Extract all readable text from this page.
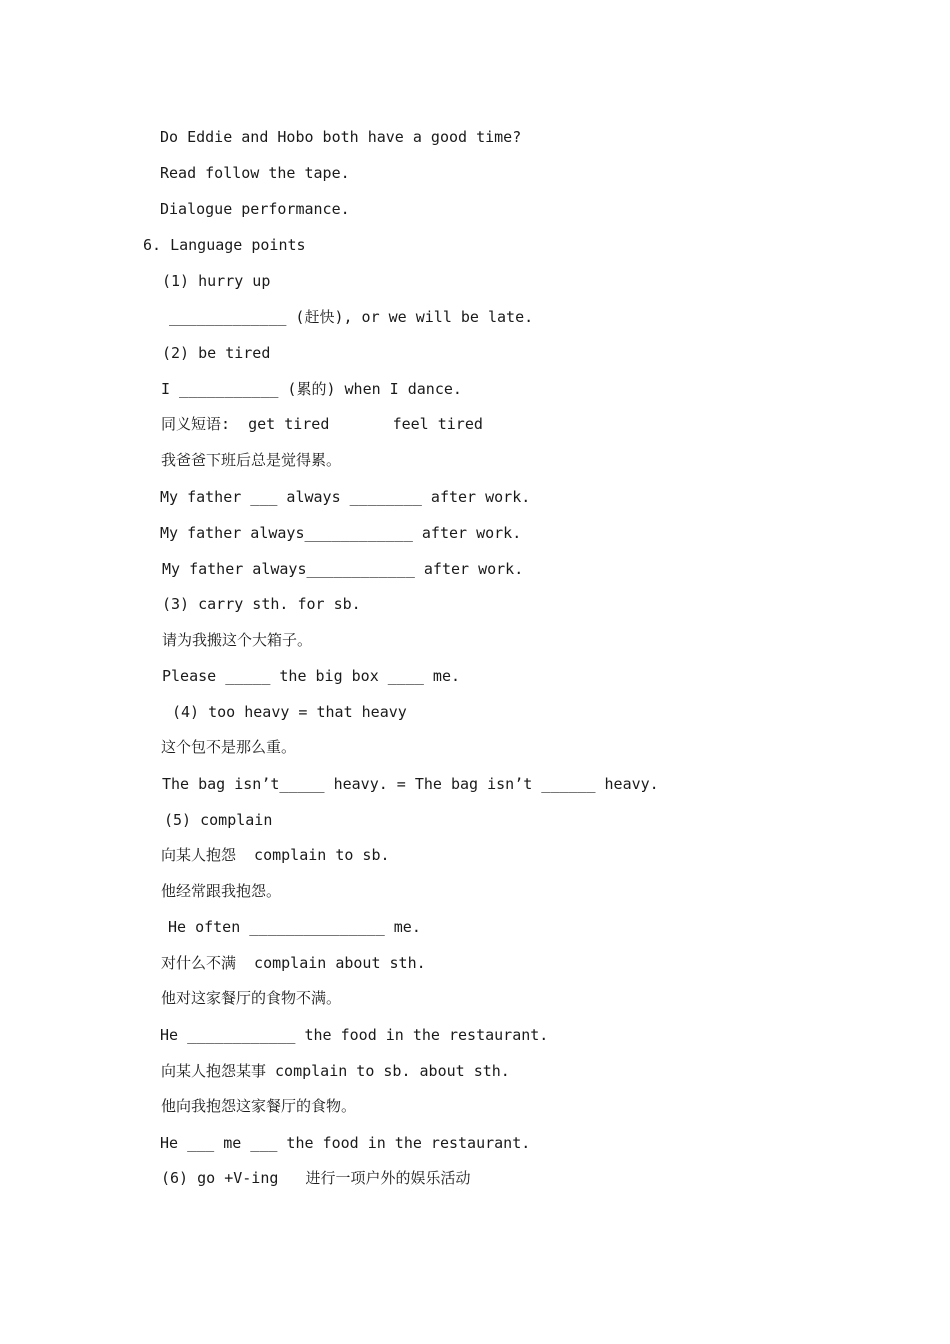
Do Eddie and Hobo both have a good time?
Read follow the tape.
Dialogue performance.
6. Language points
(1) hurry up
_____________ (赶快), or we will be late.
(2) be tired
I ___________ (累的) when I dance.
同义短语:  get tired       feel tired
我爸爸下班后总是觉得累。
My father ___ always ________ after work.
My father always____________ after work.
My father always____________ after work.
(3) carry sth. for sb.
请为我搬这个大箱子。
Please _____ the big box ____ me.
(4) too heavy = that heavy
这个包不是那么重。
The bag isn’t_____ heavy. = The bag isn’t ______ heavy.
(5) complain
向某人抱怨  complain to sb.
他经常跟我抱怨。
He often _______________ me.
对什么不满  complain about sth.
他对这家餐厅的食物不满。
He ____________ the food in the restaurant.
向某人抱怨某事 complain to sb. about sth.
他向我抱怨这家餐厅的食物。
He ___ me ___ the food in the restaurant.
(6) go +V-ing   进行一项户外的娱乐活动
